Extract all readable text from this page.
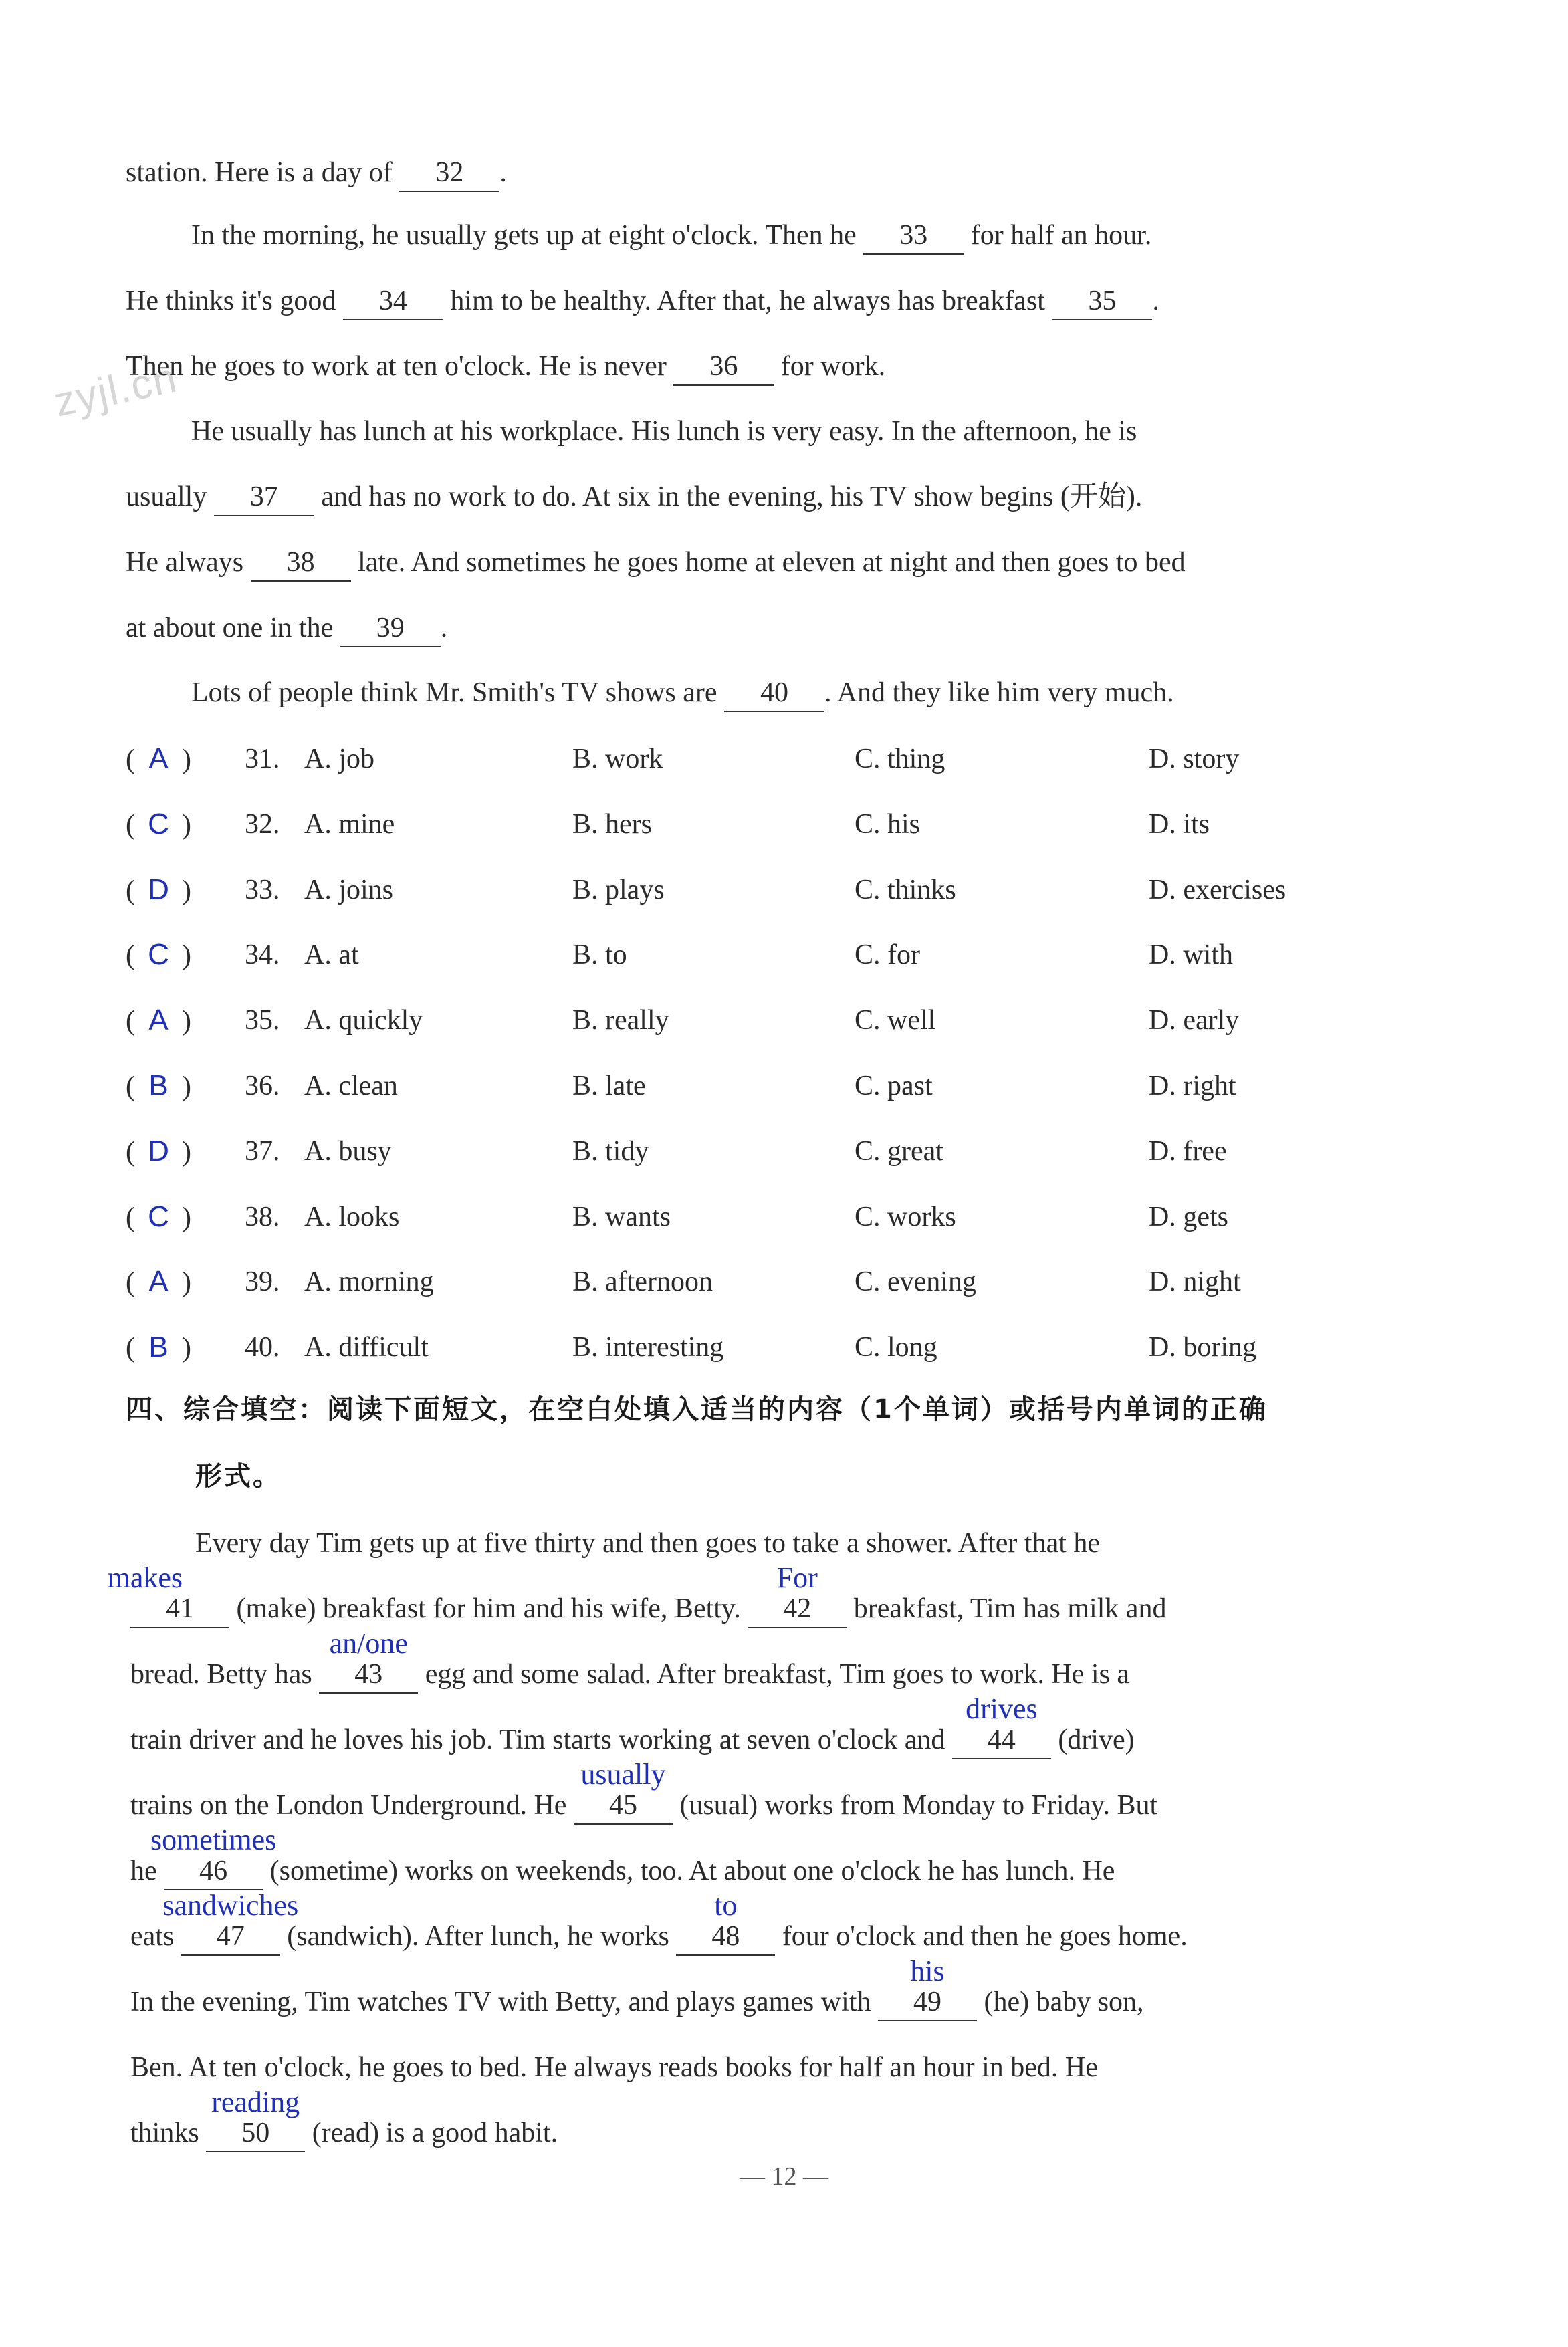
zyjl.cn
station. Here is a day of 32 .
In the morning, he usually gets up at eight o'clock. Then he 33 for half an hour.
He thinks it's good 34 him to be healthy. After that, he always has breakfast 35 .
Then he goes to work at ten o'clock. He is never 36 for work.
He usually has lunch at his workplace. His lunch is very easy. In the afternoon, he is
usually 37 and has no work to do. At six in the evening, his TV show begins (开始).
He always 38 late. And sometimes he goes home at eleven at night and then goes to bed
at about one in the 39 .
Lots of people think Mr. Smith's TV shows are 40 . And they like him very much.
( A ) 31. A. job	B. work	C. thing	D. story
( C ) 32. A. mine	B. hers	C. his	D. its
( D ) 33. A. joins	B. plays	C. thinks	D. exercises
( C ) 34. A. at	B. to	C. for	D. with
( A ) 35. A. quickly	B. really	C. well	D. early
( B ) 36. A. clean	B. late	C. past	D. right
( D ) 37. A. busy	B. tidy	C. great	D. free
( C ) 38. A. looks	B. wants	C. works	D. gets
( A ) 39. A. morning	B. afternoon	C. evening	D. night
( B ) 40. A. difficult	B. interesting	C. long	D. boring
四、综合填空：阅读下面短文，在空白处填入适当的内容（1个单词）或括号内单词的正确
形式。
Every day Tim gets up at five thirty and then goes to take a shower. After that he
makes
41 (make) breakfast for him and his wife, Betty.
For
42 breakfast, Tim has milk and
bread. Betty has
an/one
43 egg and some salad. After breakfast, Tim goes to work. He is a
train driver and he loves his job. Tim starts working at seven o'clock and
drives
44 (drive)
trains on the London Underground. He
usually
45 (usual) works from Monday to Friday. But
he
sometimes
46 (sometime) works on weekends, too. At about one o'clock he has lunch. He
eats
sandwiches
47 (sandwich). After lunch, he works
to
48 four o'clock and then he goes home.
In the evening, Tim watches TV with Betty, and plays games with
his
49 (he) baby son,
Ben. At ten o'clock, he goes to bed. He always reads books for half an hour in bed. He
thinks
reading
50 (read) is a good habit.
— 12 —
